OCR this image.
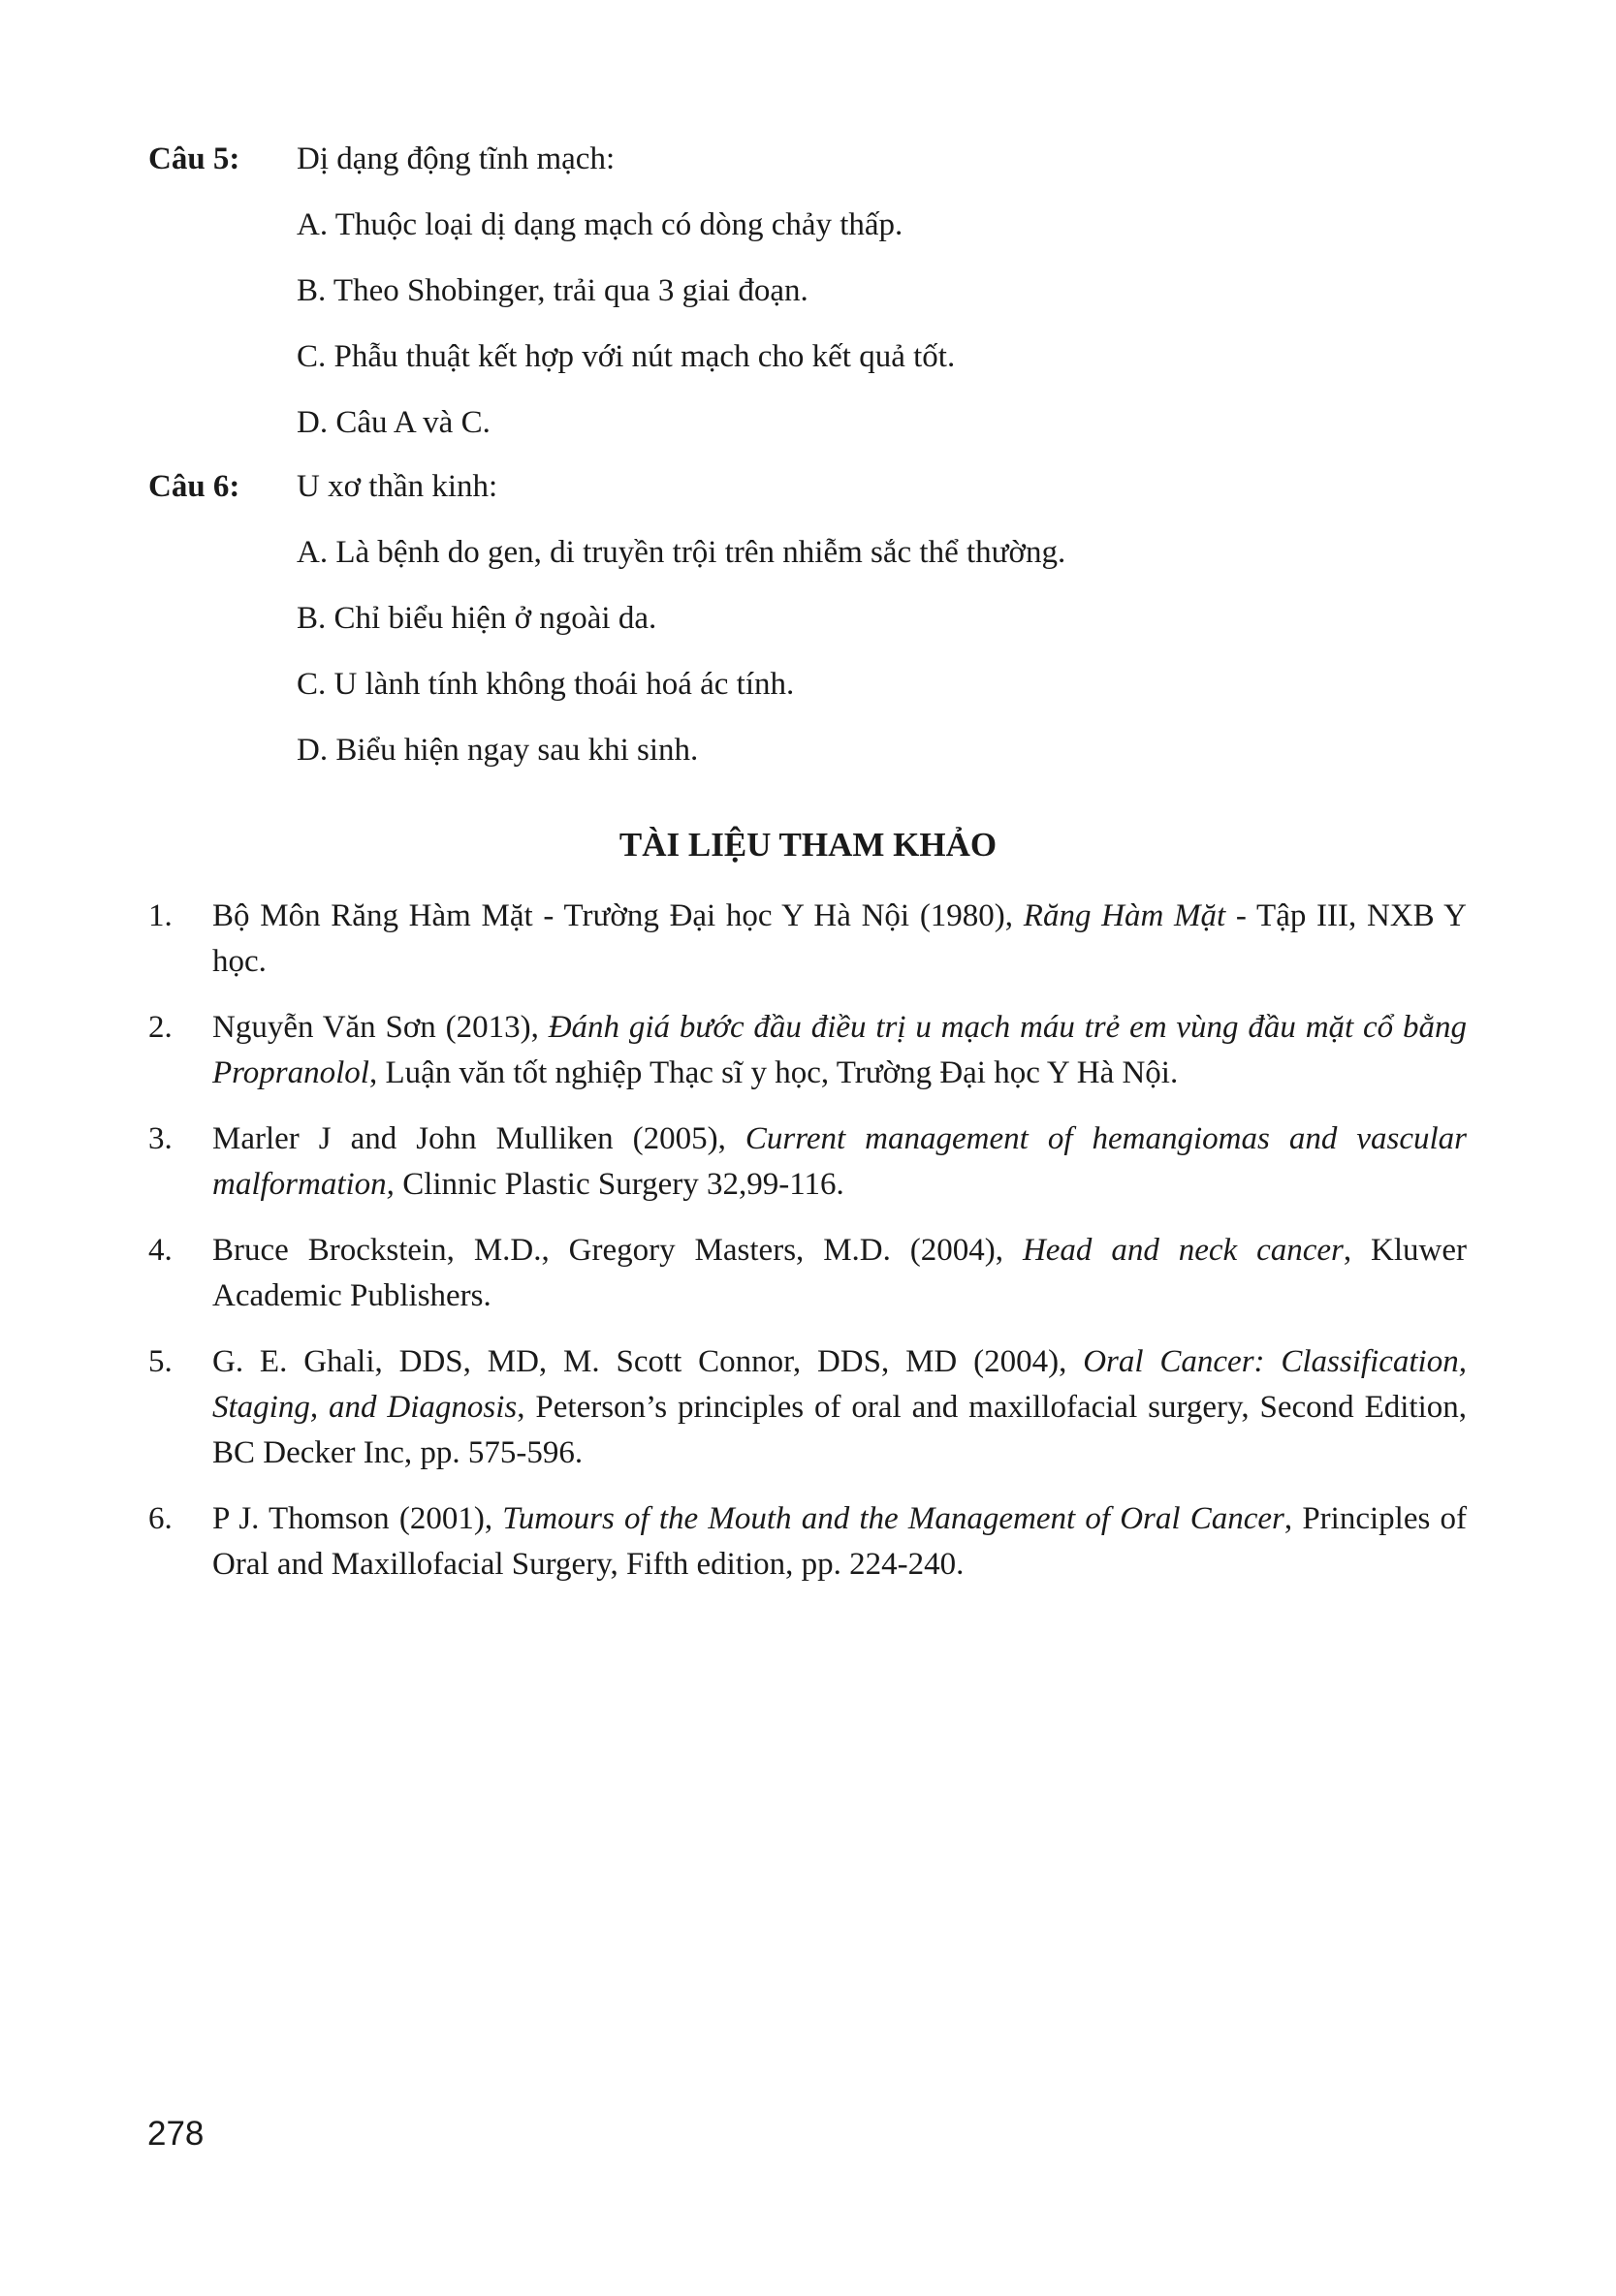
Câu 5: Dị dạng động tĩnh mạch:
A. Thuộc loại dị dạng mạch có dòng chảy thấp.
B. Theo Shobinger, trải qua 3 giai đoạn.
C. Phẫu thuật kết hợp với nút mạch cho kết quả tốt.
D. Câu A và C.
Câu 6: U xơ thần kinh:
A. Là bệnh do gen, di truyền trội trên nhiễm sắc thể thường.
B. Chỉ biểu hiện ở ngoài da.
C. U lành tính không thoái hoá ác tính.
D. Biểu hiện ngay sau khi sinh.
TÀI LIỆU THAM KHẢO
1. Bộ Môn Răng Hàm Mặt - Trường Đại học Y Hà Nội (1980), Răng Hàm Mặt - Tập III, NXB Y học.
2. Nguyễn Văn Sơn (2013), Đánh giá bước đầu điều trị u mạch máu trẻ em vùng đầu mặt cổ bằng Propranolol, Luận văn tốt nghiệp Thạc sĩ y học, Trường Đại học Y Hà Nội.
3. Marler J and John Mulliken (2005), Current management of hemangiomas and vascular malformation, Clinnic Plastic Surgery 32,99-116.
4. Bruce Brockstein, M.D., Gregory Masters, M.D. (2004), Head and neck cancer, Kluwer Academic Publishers.
5. G. E. Ghali, DDS, MD, M. Scott Connor, DDS, MD (2004), Oral Cancer: Classification, Staging, and Diagnosis, Peterson’s principles of oral and maxillofacial surgery, Second Edition, BC Decker Inc, pp. 575-596.
6. P J. Thomson (2001), Tumours of the Mouth and the Management of Oral Cancer, Principles of Oral and Maxillofacial Surgery, Fifth edition, pp. 224-240.
278
